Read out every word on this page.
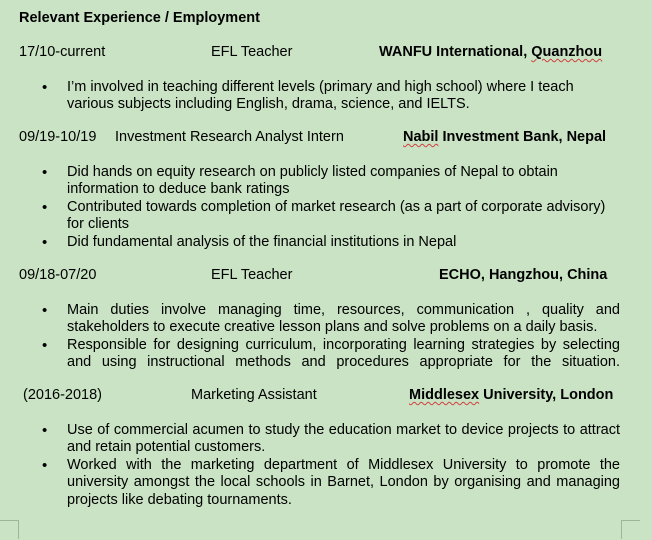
Relevant Experience / Employment
17/10-current	EFL Teacher	WANFU International, Quanzhou
• I’m involved in teaching different levels (primary and high school) where I teach various subjects including English, drama, science, and IELTS.
09/19-10/19 Investment Research Analyst Intern	Nabil Investment Bank, Nepal
• Did hands on equity research on publicly listed companies of Nepal to obtain information to deduce bank ratings
• Contributed towards completion of market research (as a part of corporate advisory) for clients
• Did fundamental analysis of the financial institutions in Nepal
09/18-07/20	EFL Teacher	ECHO, Hangzhou, China
• Main duties involve managing time, resources, communication , quality and stakeholders to execute creative lesson plans and solve problems on a daily basis.
• Responsible for designing curriculum, incorporating learning strategies by selecting and using instructional methods and procedures appropriate for the situation.
(2016-2018)	Marketing Assistant	Middlesex University, London
• Use of commercial acumen to study the education market to device projects to attract and retain potential customers.
• Worked with the marketing department of Middlesex University to promote the university amongst the local schools in Barnet, London by organising and managing projects like debating tournaments.
